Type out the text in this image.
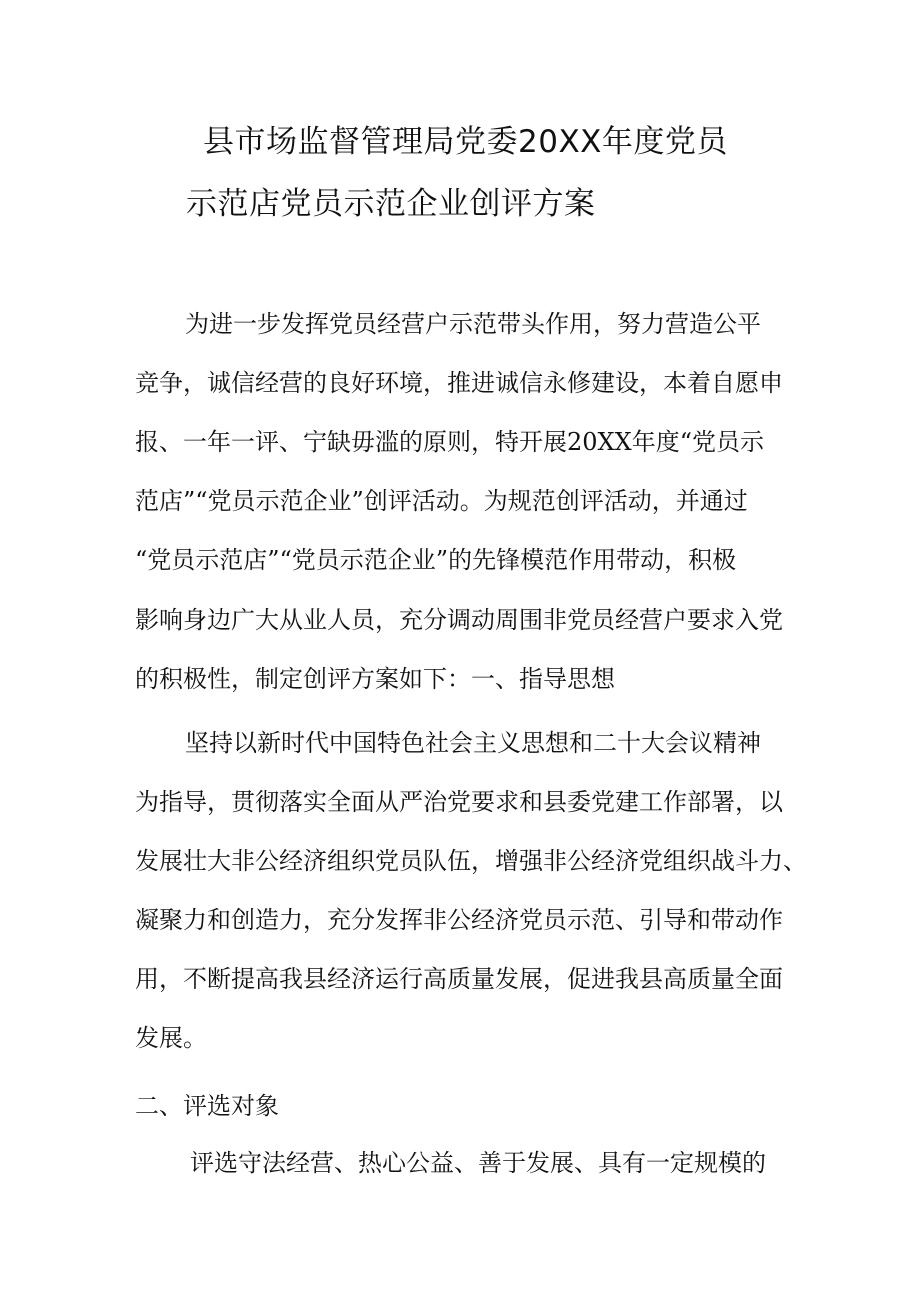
县市场监督管理局党委20XX年度党员
示范店党员示范企业创评方案
为进一步发挥党员经营户示范带头作用，努力营造公平
竞争，诚信经营的良好环境，推进诚信永修建设，本着自愿申
报、一年一评、宁缺毋滥的原则，特开展20XX年度“党员示
范店”“党员示范企业”创评活动。为规范创评活动，并通过
“党员示范店”“党员示范企业”的先锋模范作用带动，积极
影响身边广大从业人员，充分调动周围非党员经营户要求入党
的积极性，制定创评方案如下：一、指导思想
坚持以新时代中国特色社会主义思想和二十大会议精神
为指导，贯彻落实全面从严治党要求和县委党建工作部署，以
发展壮大非公经济组织党员队伍，增强非公经济党组织战斗力、
凝聚力和创造力，充分发挥非公经济党员示范、引导和带动作
用，不断提高我县经济运行高质量发展，促进我县高质量全面
发展。
二、评选对象
评选守法经营、热心公益、善于发展、具有一定规模的
